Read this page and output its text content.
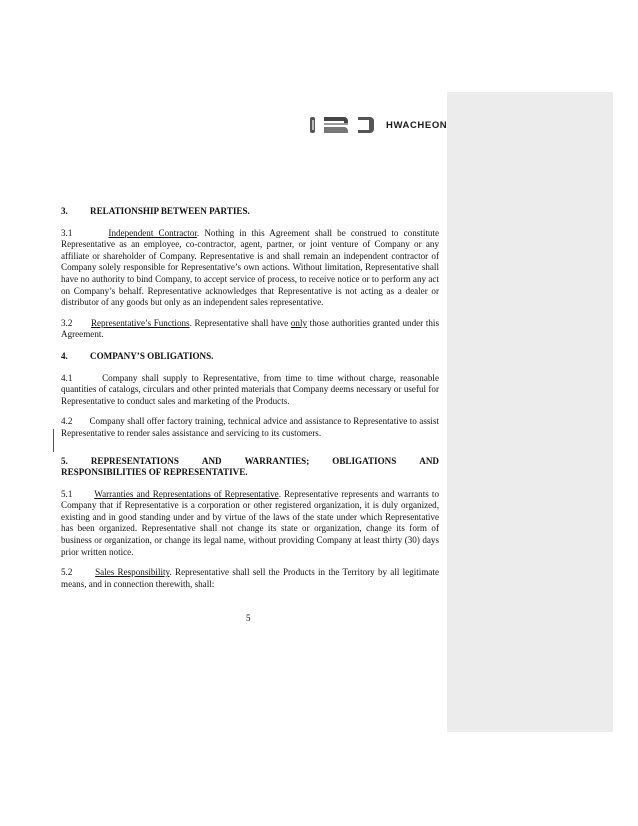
HWACHEON
3.	RELATIONSHIP BETWEEN PARTIES.

3.1	Independent Contractor. Nothing in this Agreement shall be construed to constitute Representative as an employee, co-contractor, agent, partner, or joint venture of Company or any affiliate or shareholder of Company. Representative is and shall remain an independent contractor of Company solely responsible for Representative’s own actions. Without limitation, Representative shall have no authority to bind Company, to accept service of process, to receive notice or to perform any act on Company’s behalf. Representative acknowledges that Representative is not acting as a dealer or distributor of any goods but only as an independent sales representative.

3.2 Representative’s Functions. Representative shall have only those authorities granted under this Agreement.

4.	COMPANY’S OBLIGATIONS.

4.1	Company shall supply to Representative, from time to time without charge, reasonable quantities of catalogs, circulars and other printed materials that Company deems necessary or useful for Representative to conduct sales and marketing of the Products.

4.2 Company shall offer factory training, technical advice and assistance to Representative to assist Representative to render sales assistance and servicing to its customers.

5.	REPRESENTATIONS	AND	WARRANTIES;	OBLIGATIONS	AND
RESPONSIBILITIES OF REPRESENTATIVE.

5.1 Warranties and Representations of Representative. Representative represents and warrants to Company that if Representative is a corporation or other registered organization, it is duly organized, existing and in good standing under and by virtue of the laws of the state under which Representative has been organized. Representative shall not change its state or organization, change its form of business or organization, or change its legal name, without providing Company at least thirty (30) days prior written notice.

5.2 Sales Responsibility. Representative shall sell the Products in the Territory by all legitimate means, and in connection therewith, shall:

5
